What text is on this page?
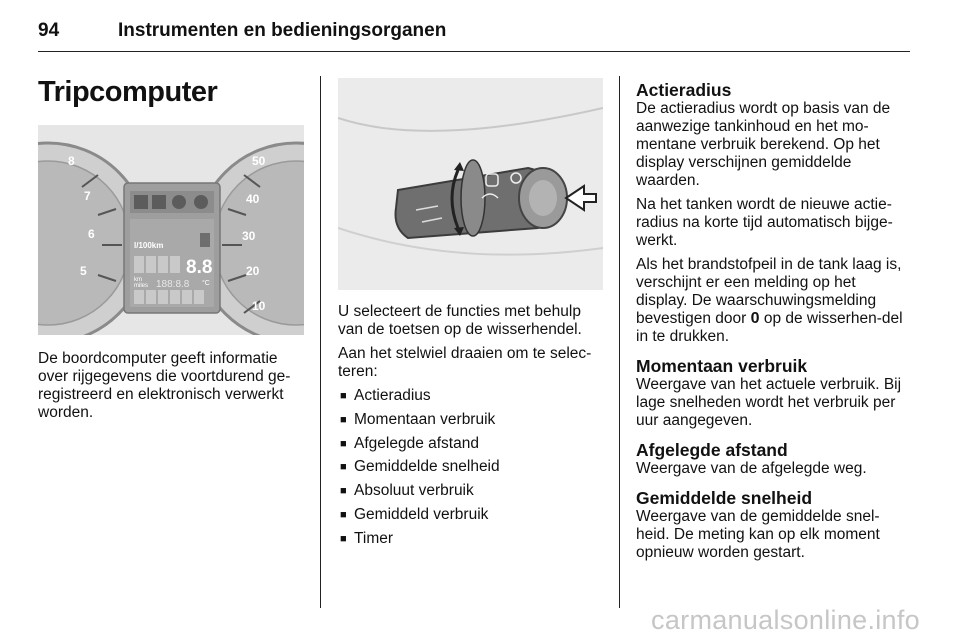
94	Instrumenten en bedieningsorganen
Tripcomputer
l/100km
8.8
km
miles 188:8.8 °C
8
7
6
5
50
40
30
20
10

De boordcomputer geeft informatie over rijgegevens die voortdurend ge-registreerd en elektronisch verwerkt worden.

U selecteert de functies met behulp van de toetsen op de wisserhendel.

Aan het stelwiel draaien om te selec-teren:

■ Actieradius
■ Momentaan verbruik
■ Afgelegde afstand
■ Gemiddelde snelheid
■ Absoluut verbruik
■ Gemiddeld verbruik
■ Timer
Actieradius

De actieradius wordt op basis van de aanwezige tankinhoud en het mo-mentane verbruik berekend. Op het display verschijnen gemiddelde waarden.

Na het tanken wordt de nieuwe actie-radius na korte tijd automatisch bijge-werkt.

Als het brandstofpeil in de tank laag is, verschijnt er een melding op het display. De waarschuwingsmelding bevestigen door 0 op de wisserhen-del in te drukken.

Momentaan verbruik

Weergave van het actuele verbruik. Bij lage snelheden wordt het verbruik per uur aangegeven.

Afgelegde afstand

Weergave van de afgelegde weg.

Gemiddelde snelheid

Weergave van de gemiddelde snel-heid. De meting kan op elk moment opnieuw worden gestart.

carmanualsonline.info
